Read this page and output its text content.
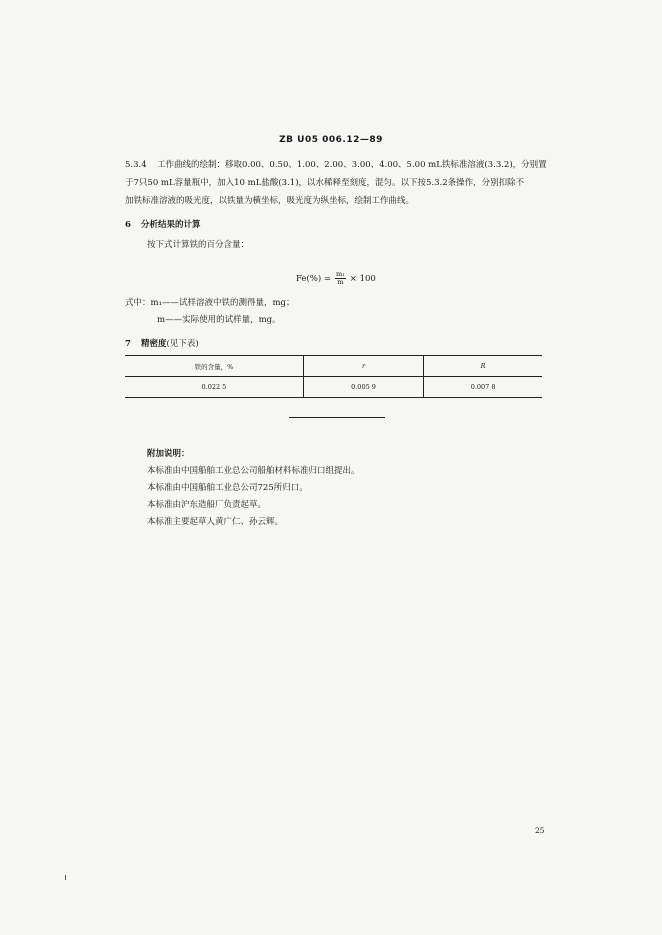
ZB U05 006.12—89
5.3.4 工作曲线的绘制：移取0.00、0.50、1.00、2.00、3.00、4.00、5.00 mL铁标准溶液(3.3.2)，分别置
于7只50 mL容量瓶中，加入10 mL盐酸(3.1)，以水稀释至刻度，混匀。以下按5.3.2条操作，分别扣除不
加铁标准溶液的吸光度，以铁量为横坐标，吸光度为纵坐标，绘制工作曲线。
6 分析结果的计算
按下式计算铁的百分含量：
$Fe(\%) = \frac{\text{m₁}}{m} \times 100$
式中：m₁——试样溶液中铁的测得量，mg；
m——实际使用的试样量，mg。
7 精密度(见下表)
铁的含量，%	r	R
0.022 5	0.005 9	0.007 8
附加说明：
本标准由中国船舶工业总公司船舶材料标准归口组提出。
本标准由中国船舶工业总公司725所归口。
本标准由沪东造船厂负责起草。
本标准主要起草人黄广仁、孙云辉。
25
